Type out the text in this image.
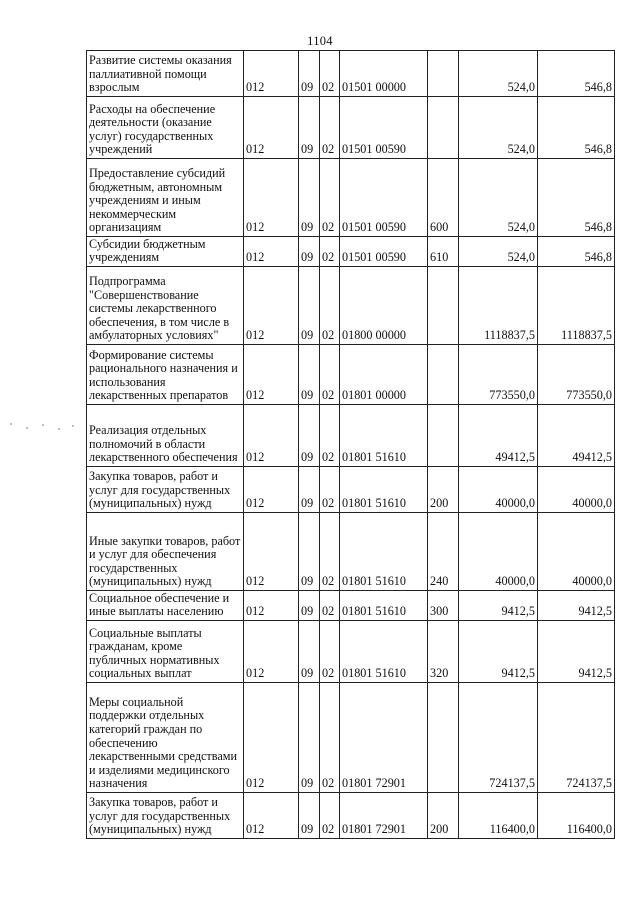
1104
Развитие системы оказания паллиативной помощи взрослым	012	09	02	01501 00000		524,0	546,8
Расходы на обеспечение деятельности (оказание услуг) государственных учреждений	012	09	02	01501 00590		524,0	546,8
Предоставление субсидий бюджетным, автономным учреждениям и иным некоммерческим организациям	012	09	02	01501 00590	600	524,0	546,8
Субсидии бюджетным учреждениям	012	09	02	01501 00590	610	524,0	546,8
Подпрограмма "Совершенствование системы лекарственного обеспечения, в том числе в амбулаторных условиях"	012	09	02	01800 00000		1118837,5	1118837,5
Формирование системы рационального назначения и использования лекарственных препаратов	012	09	02	01801 00000		773550,0	773550,0
Реализация отдельных полномочий в области лекарственного обеспечения	012	09	02	01801 51610		49412,5	49412,5
Закупка товаров, работ и услуг для государственных (муниципальных) нужд	012	09	02	01801 51610	200	40000,0	40000,0
Иные закупки товаров, работ и услуг для обеспечения государственных (муниципальных) нужд	012	09	02	01801 51610	240	40000,0	40000,0
Социальное обеспечение и иные выплаты населению	012	09	02	01801 51610	300	9412,5	9412,5
Социальные выплаты гражданам, кроме публичных нормативных социальных выплат	012	09	02	01801 51610	320	9412,5	9412,5
Меры социальной поддержки отдельных категорий граждан по обеспечению лекарственными средствами и изделиями медицинского назначения	012	09	02	01801 72901		724137,5	724137,5
Закупка товаров, работ и услуг для государственных (муниципальных) нужд	012	09	02	01801 72901	200	116400,0	116400,0
